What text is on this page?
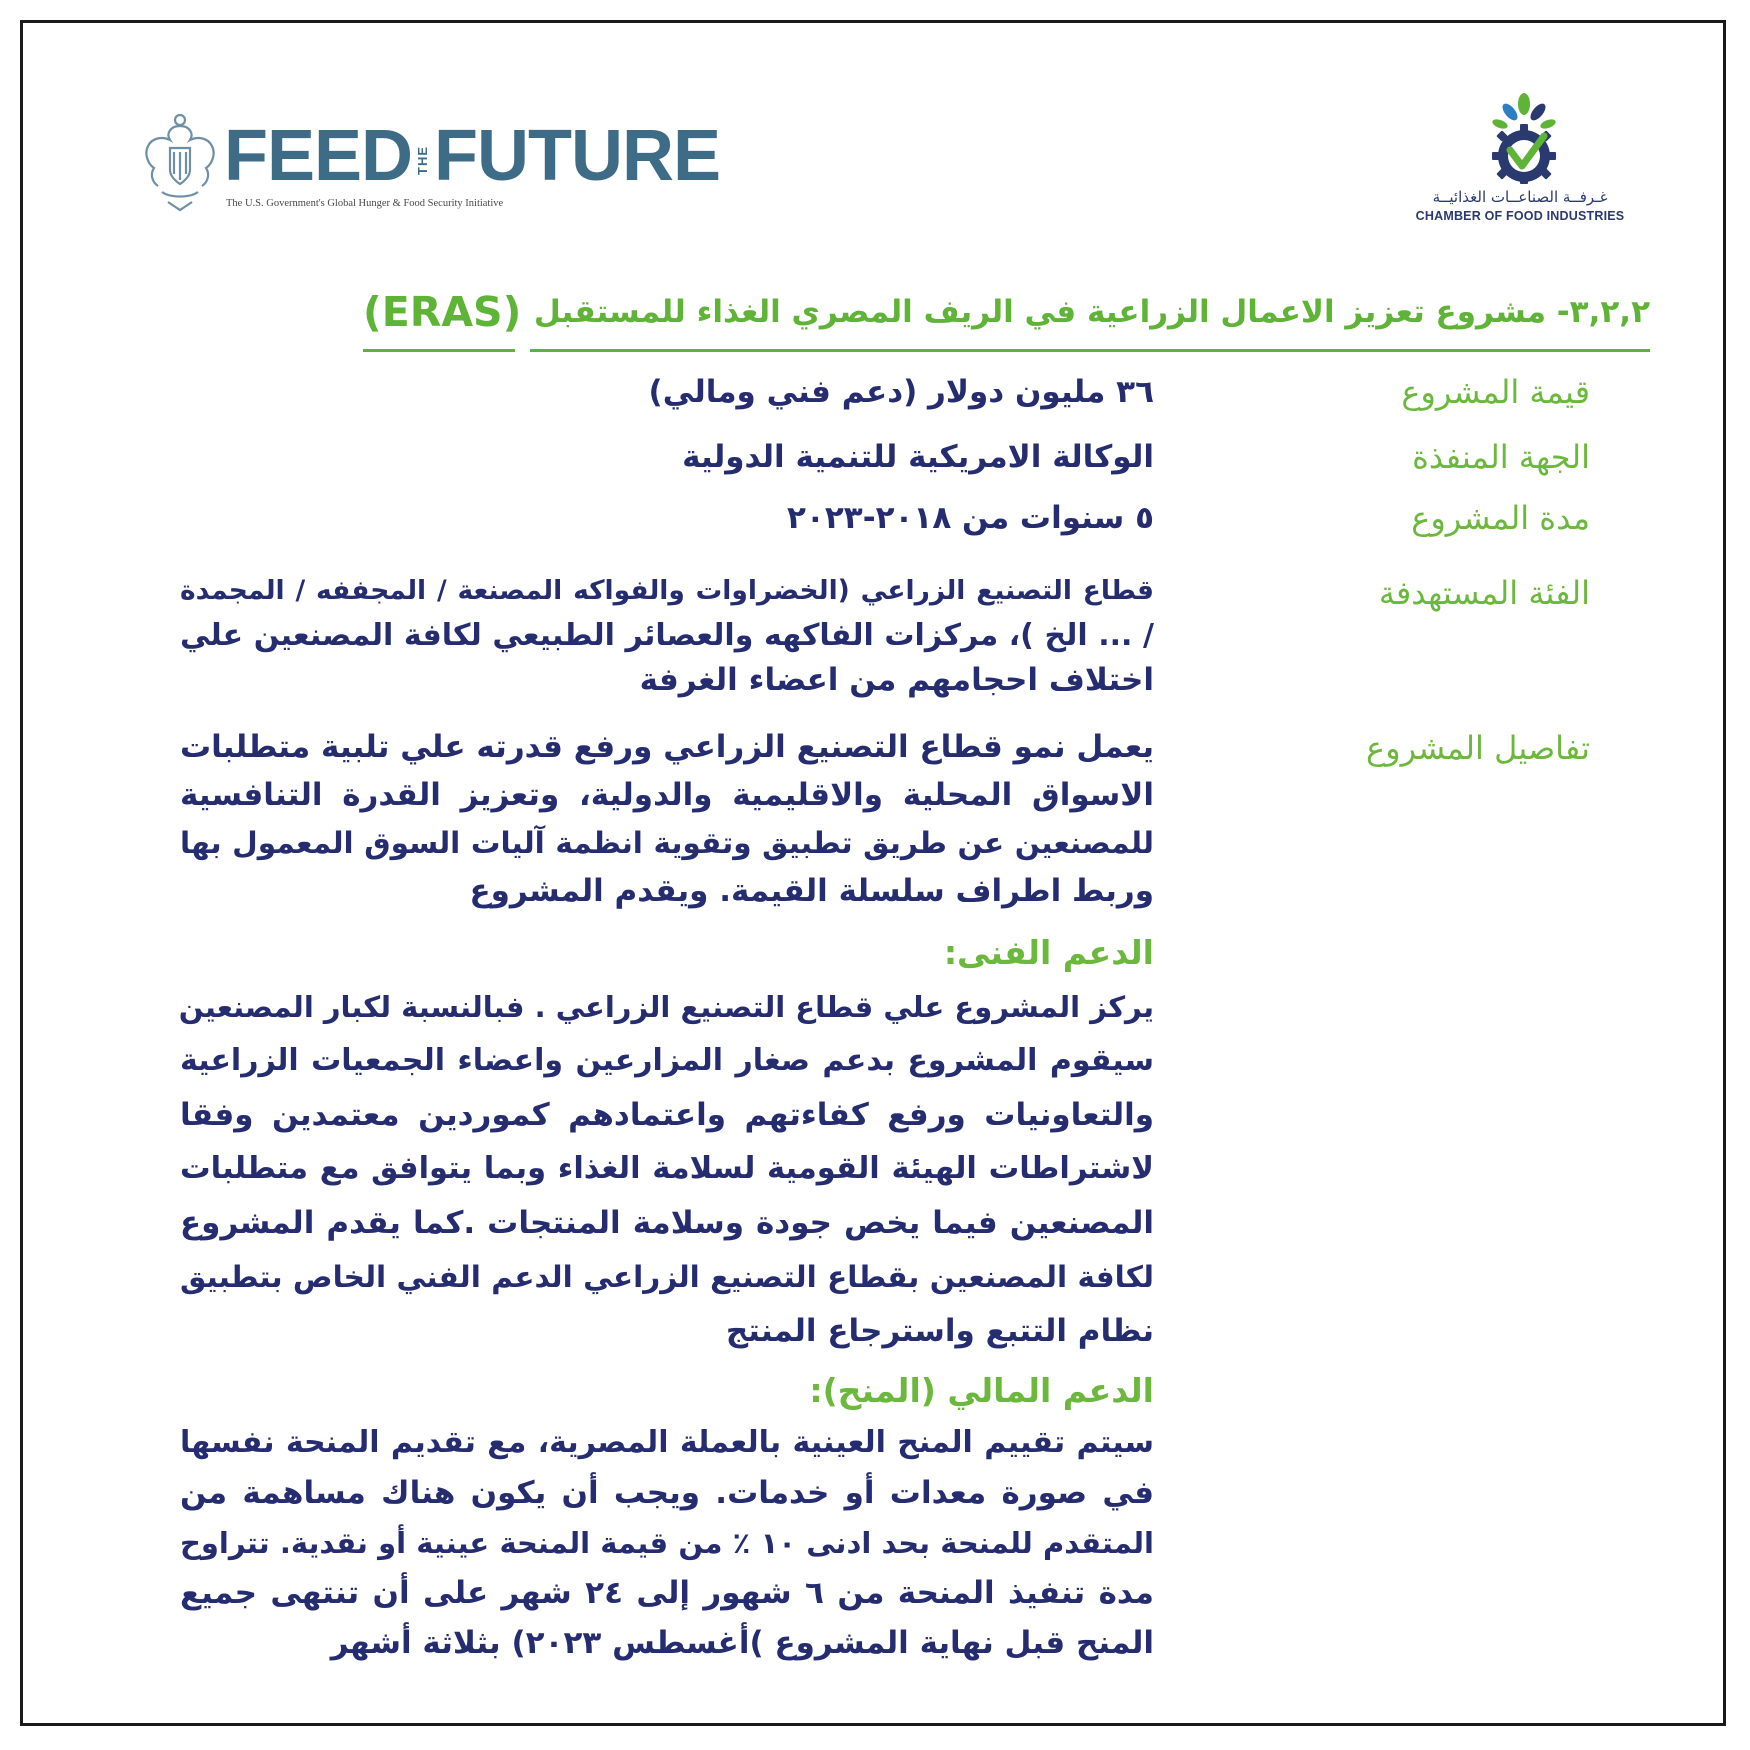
FEED THEFUTURE
The U.S. Government's Global Hunger & Food Security Initiative	غـرفــة الصناعــات الغذائيــة
CHAMBER OF FOOD INDUSTRIES
٣,٢,٢- مشروع تعزيز الاعمال الزراعية في الريف المصري الغذاء للمستقبل
(ERAS)
قيمة المشروع
الجهة المنفذة
مدة المشروع
الفئة المستهدفة
تفاصيل المشروع
٣٦ مليون دولار (دعم فني ومالي)
الوكالة الامريكية للتنمية الدولية
٥ سنوات من ٢٠١٨-٢٠٢٣
قطاع التصنيع الزراعي (الخضراوات والفواكه المصنعة / المجففه / المجمدة
/ ... الخ )، مركزات الفاكهه والعصائر الطبيعي لكافة المصنعين علي
اختلاف احجامهم من اعضاء الغرفة
يعمل نمو قطاع التصنيع الزراعي ورفع قدرته علي تلبية متطلبات
الاسواق المحلية والاقليمية والدولية، وتعزيز القدرة التنافسية
للمصنعين عن طريق تطبيق وتقوية انظمة آليات السوق المعمول بها
وربط اطراف سلسلة القيمة. ويقدم المشروع
الدعم الفنى:
يركز المشروع علي قطاع التصنيع الزراعي . فبالنسبة لكبار المصنعين
سيقوم المشروع بدعم صغار المزارعين واعضاء الجمعيات الزراعية
والتعاونيات ورفع كفاءتهم واعتمادهم كموردين معتمدين وفقا
لاشتراطات الهيئة القومية لسلامة الغذاء وبما يتوافق مع متطلبات
المصنعين فيما يخص جودة وسلامة المنتجات .كما يقدم المشروع
لكافة المصنعين بقطاع التصنيع الزراعي الدعم الفني الخاص بتطبيق
نظام التتبع واسترجاع المنتج
الدعم المالي (المنح):
سيتم تقييم المنح العينية بالعملة المصرية، مع تقديم المنحة نفسها
في صورة معدات أو خدمات. ويجب أن يكون هناك مساهمة من
المتقدم للمنحة بحد ادنى ١٠ ٪ من قيمة المنحة عينية أو نقدية. تتراوح
مدة تنفيذ المنحة من ٦ شهور إلى ٢٤ شهر على أن تنتهى جميع
المنح قبل نهاية المشروع )أغسطس ٢٠٢٣) بثلاثة أشهر
